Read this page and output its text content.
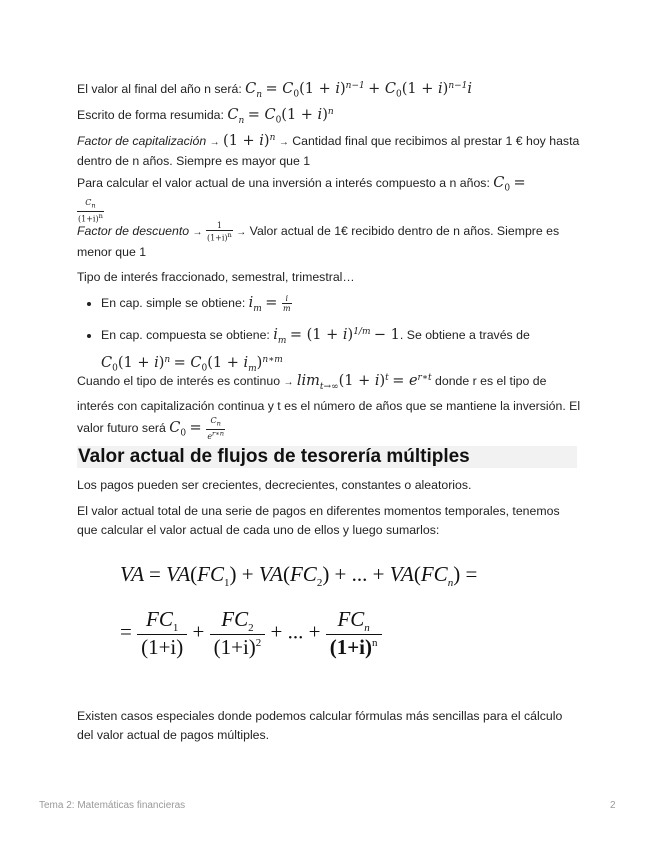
El valor al final del año n será: $C_n = C_0(1 + i)^{n-1} + C_0(1 + i)^{n-1}i$

Escrito de forma resumida: $C_n = C_0(1 + i)^n$

Factor de capitalización → $(1 + i)^n$ → Cantidad final que recibimos al prestar 1 € hoy hasta dentro de n años. Siempre es mayor que 1

Para calcular el valor actual de una inversión a interés compuesto a n años: $C_0$ =

$\frac{C_n}{(1+i)^n}$

Factor de descuento → $\frac{1}{(1+i)^n}$ → Valor actual de 1€ recibido dentro de n años. Siempre es menor que 1

Tipo de interés fraccionado, semestral, trimestral…

• En cap. simple se obtiene: $i_m = \frac{i}{m}$
• En cap. compuesta se obtiene: $i_m = (1 + i)^{1/m} - 1$. Se obtiene a través de
$C_0(1 + i)^n = C_0(1 + i_m)^{n∗m}$

Cuando el tipo de interés es continuo → $\lim_{t\to\infty}(1 + i)^t = e^{r∗t}$ donde r es el tipo de interés con capitalización continua y t es el número de años que se mantiene la inversión. El valor futuro será $C_0 = \frac{C_n}{e^{r∗n}}$

Valor actual de flujos de tesorería múltiples

Los pagos pueden ser crecientes, decrecientes, constantes o aleatorios.

El valor actual total de una serie de pagos en diferentes momentos temporales, tenemos que calcular el valor actual de cada uno de ellos y luego sumarlos:

Existen casos especiales donde podemos calcular fórmulas más sencillas para el cálculo del valor actual de pagos múltiples.

VA = $VA(FC_1) + VA(FC_2)$ + ... + $VA(FC_n)$ =
= $\frac{FC_1}{(1+i)} + \frac{FC_2}{(1+i)^2}$ + ... + $\frac{FC_n}{(1+i)^n}$
Tema 2: Matemáticas financieras	2
